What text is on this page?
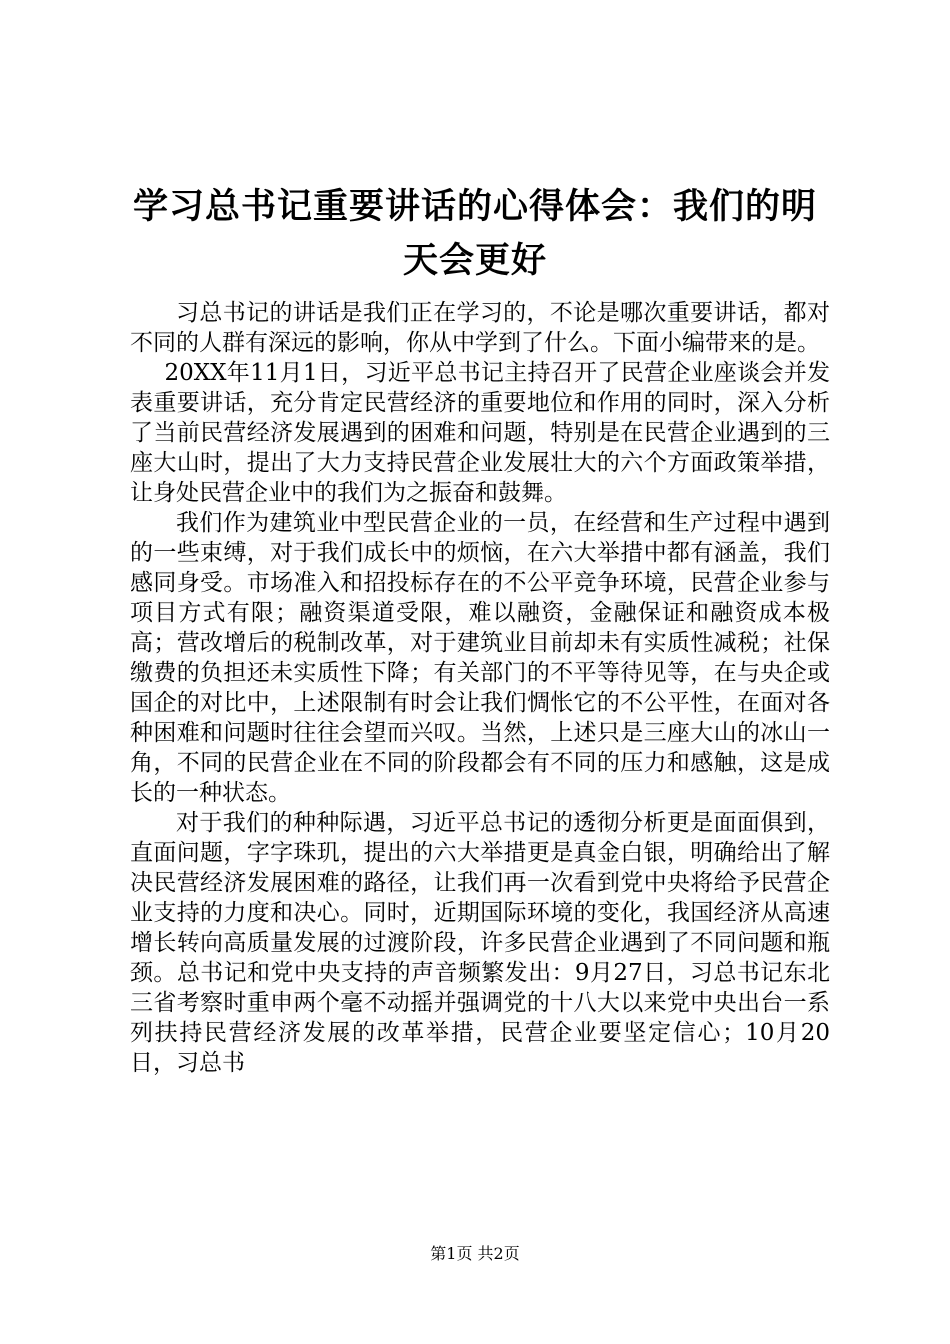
学习总书记重要讲话的心得体会：我们的明天会更好

习总书记的讲话是我们正在学习的，不论是哪次重要讲话，都对不同的人群有深远的影响，你从中学到了什么。下面小编带来的是。

20XX年11月1日，习近平总书记主持召开了民营企业座谈会并发表重要讲话，充分肯定民营经济的重要地位和作用的同时，深入分析了当前民营经济发展遇到的困难和问题，特别是在民营企业遇到的三座大山时，提出了大力支持民营企业发展壮大的六个方面政策举措，让身处民营企业中的我们为之振奋和鼓舞。

我们作为建筑业中型民营企业的一员，在经营和生产过程中遇到的一些束缚，对于我们成长中的烦恼，在六大举措中都有涵盖，我们感同身受。市场准入和招投标存在的不公平竞争环境，民营企业参与项目方式有限；融资渠道受限，难以融资，金融保证和融资成本极高；营改增后的税制改革，对于建筑业目前却未有实质性减税；社保缴费的负担还未实质性下降；有关部门的不平等待见等，在与央企或国企的对比中，上述限制有时会让我们惆怅它的不公平性，在面对各种困难和问题时往往会望而兴叹。当然，上述只是三座大山的冰山一角，不同的民营企业在不同的阶段都会有不同的压力和感触，这是成长的一种状态。

对于我们的种种际遇，习近平总书记的透彻分析更是面面俱到，直面问题，字字珠玑，提出的六大举措更是真金白银，明确给出了解决民营经济发展困难的路径，让我们再一次看到党中央将给予民营企业支持的力度和决心。同时，近期国际环境的变化，我国经济从高速增长转向高质量发展的过渡阶段，许多民营企业遇到了不同问题和瓶颈。总书记和党中央支持的声音频繁发出：9月27日，习总书记东北三省考察时重申两个毫不动摇并强调党的十八大以来党中央出台一系列扶持民营经济发展的改革举措，民营企业要坚定信心；10月20日，习总书

第1页 共2页
